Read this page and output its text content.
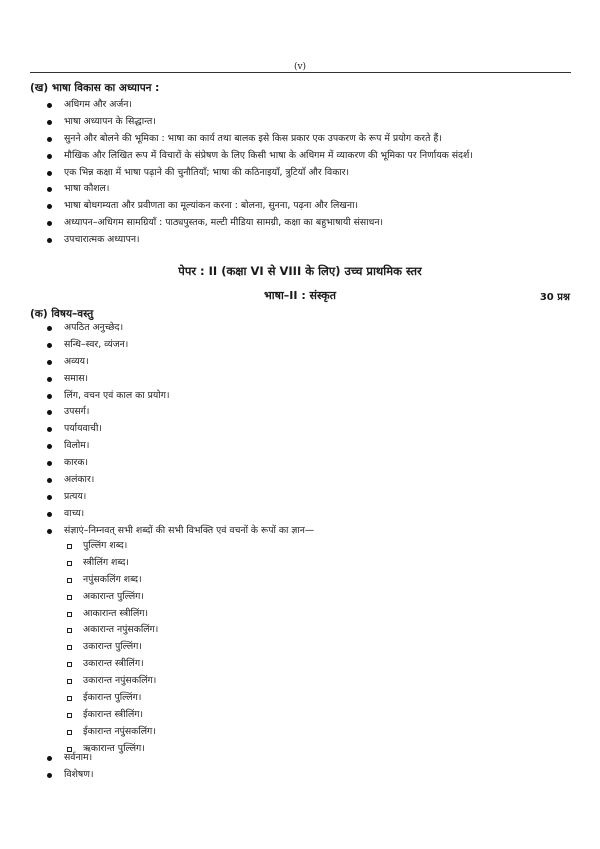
(v)
(ख) भाषा विकास का अध्यापन :
अधिगम और अर्जन।
भाषा अध्यापन के सिद्धान्त।
सुनने और बोलने की भूमिका : भाषा का कार्य तथा बालक इसे किस प्रकार एक उपकरण के रूप में प्रयोग करते हैं।
मौखिक और लिखित रूप में विचारों के संप्रेषण के लिए किसी भाषा के अधिगम में व्याकरण की भूमिका पर निर्णायक संदर्श।
एक भिन्न कक्षा में भाषा पढ़ाने की चुनौतियाँ; भाषा की कठिनाइयाँ, त्रुटियाँ और विकार।
भाषा कौशल।
भाषा बोधगम्यता और प्रवीणता का मूल्यांकन करना : बोलना, सुनना, पढ़ना और लिखना।
अध्यापन–अधिगम सामग्रियाँ : पाठ्यपुस्तक, मल्टी मीडिया सामग्री, कक्षा का बहुभाषायी संसाधन।
उपचारात्मक अध्यापन।
पेपर : II (कक्षा VI से VIII के लिए) उच्च प्राथमिक स्तर
भाषा–II : संस्कृत	30 प्रश्न
(क) विषय–वस्तु
अपठित अनुच्छेद।
सन्धि–स्वर, व्यंजन।
अव्यय।
समास।
लिंग, वचन एवं काल का प्रयोग।
उपसर्ग।
पर्यायवाची।
विलोम।
कारक।
अलंकार।
प्रत्यय।
वाच्य।
संज्ञाएं–निम्नवत् सभी शब्दों की सभी विभक्ति एवं वचनों के रूपों का ज्ञान—
पुल्लिंग शब्द।
स्त्रीलिंग शब्द।
नपुंसकलिंग शब्द।
अकारान्त पुल्लिंग।
आकारान्त स्त्रीलिंग।
अकारान्त नपुंसकलिंग।
उकारान्त पुल्लिंग।
उकारान्त स्त्रीलिंग।
उकारान्त नपुंसकलिंग।
ईकारान्त पुल्लिंग।
ईकारान्त स्त्रीलिंग।
ईकारान्त नपुंसकलिंग।
ऋकारान्त पुल्लिंग।
सर्वनाम।
विशेषण।
